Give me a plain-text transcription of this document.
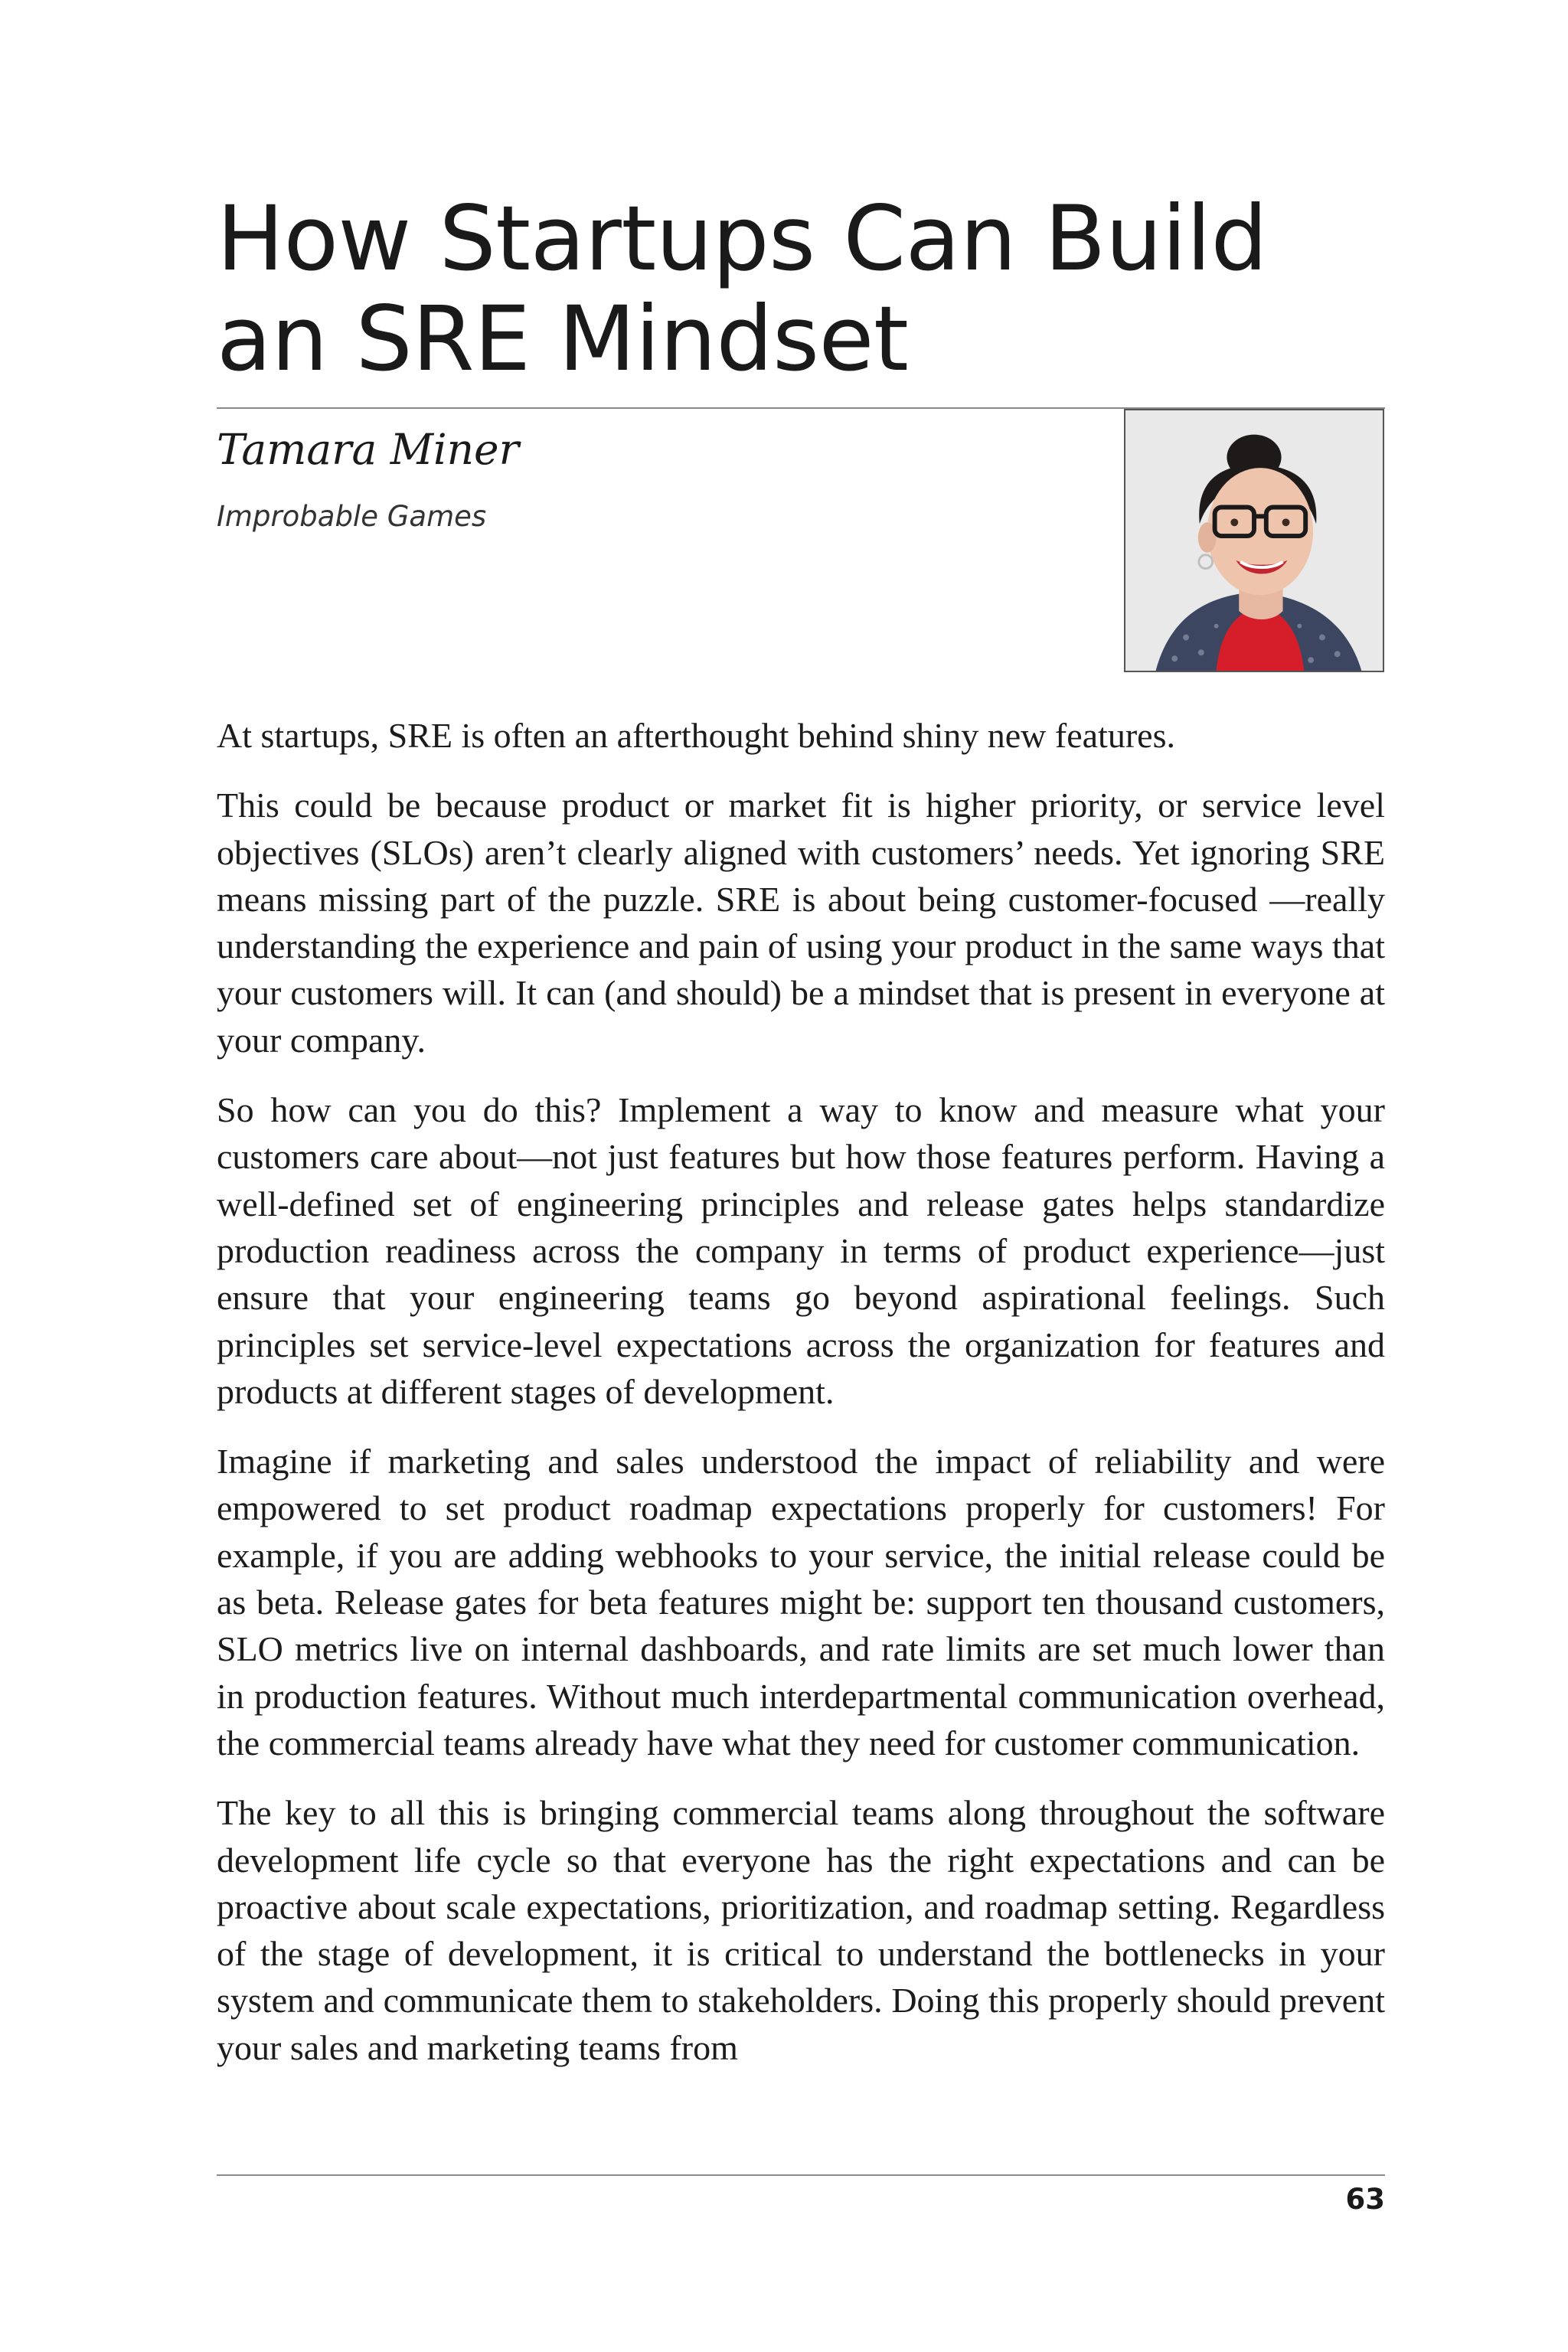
How Startups Can Build
an SRE Mindset
Tamara Miner
Improbable Games

At startups, SRE is often an afterthought behind shiny new features.

This could be because product or market fit is higher priority, or service level objectives (SLOs) aren’t clearly aligned with customers’ needs. Yet ignoring SRE means missing part of the puzzle. SRE is about being customer-focused —really understanding the experience and pain of using your product in the same ways that your customers will. It can (and should) be a mindset that is present in everyone at your company.

So how can you do this? Implement a way to know and measure what your customers care about—not just features but how those features perform. Having a well-defined set of engineering principles and release gates helps standardize production readiness across the company in terms of product experience—just ensure that your engineering teams go beyond aspirational feelings. Such principles set service-level expectations across the organization for features and products at different stages of development.

Imagine if marketing and sales understood the impact of reliability and were empowered to set product roadmap expectations properly for customers! For example, if you are adding webhooks to your service, the initial release could be as beta. Release gates for beta features might be: support ten thousand customers, SLO metrics live on internal dashboards, and rate limits are set much lower than in production features. Without much interdepartmental communication overhead, the commercial teams already have what they need for customer communication.

The key to all this is bringing commercial teams along throughout the software development life cycle so that everyone has the right expectations and can be proactive about scale expectations, prioritization, and roadmap setting. Regardless of the stage of development, it is critical to understand the bottlenecks in your system and communicate them to stakeholders. Doing this properly should prevent your sales and marketing teams from

63
